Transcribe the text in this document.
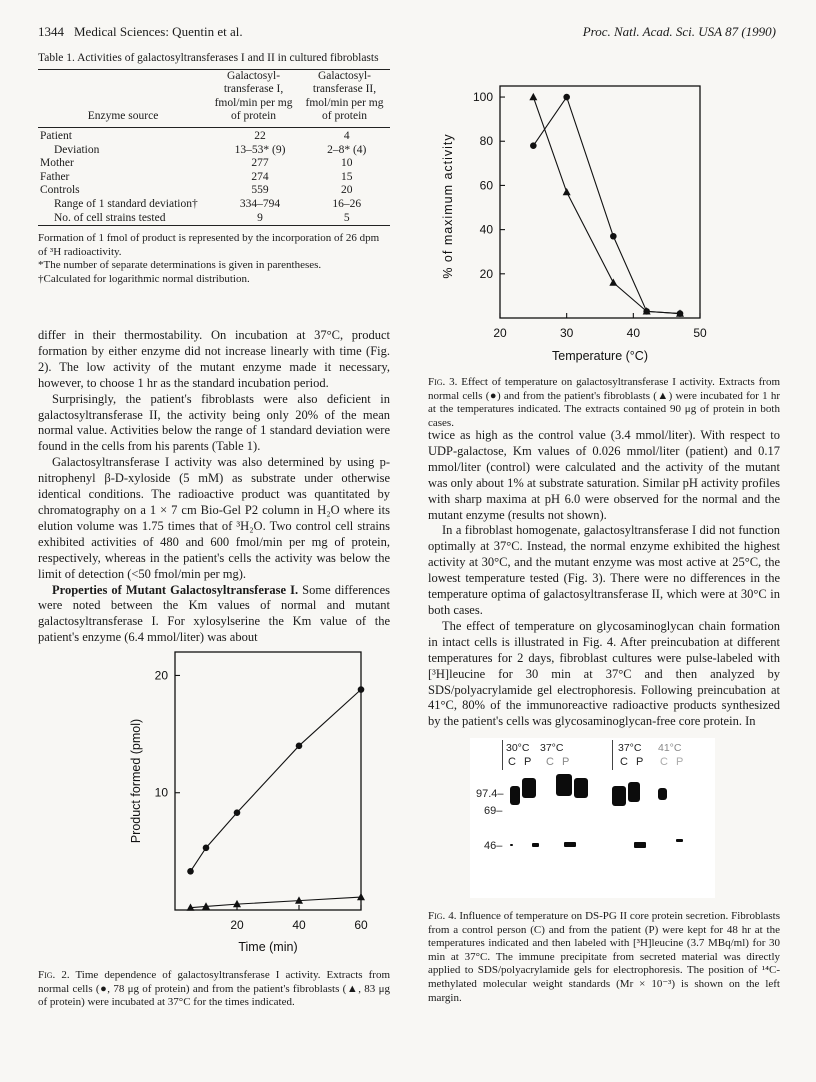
1344 Medical Sciences: Quentin et al.	Proc. Natl. Acad. Sci. USA 87 (1990)
Table 1. Activities of galactosyltransferases I and II in cultured fibroblasts
Enzyme source	Galactosyl-transferase I, fmol/min per mg of protein	Galactosyl-transferase II, fmol/min per mg of protein
Patient	22	4
Deviation	13–53* (9)	2–8* (4)
Mother	277	10
Father	274	15
Controls	559	20
Range of 1 standard deviation†	334–794	16–26
No. of cell strains tested	9	5

Formation of 1 fmol of product is represented by the incorporation of 26 dpm of ³H radioactivity.

*The number of separate determinations is given in parentheses.

†Calculated for logarithmic normal distribution.

differ in their thermostability. On incubation at 37°C, product formation by either enzyme did not increase linearly with time (Fig. 2). The low activity of the mutant enzyme made it necessary, however, to choose 1 hr as the standard incubation period.

Surprisingly, the patient's fibroblasts were also deficient in galactosyltransferase II, the activity being only 20% of the mean normal value. Activities below the range of 1 standard deviation were found in the cells from his parents (Table 1).

Galactosyltransferase I activity was also determined by using p-nitrophenyl β-D-xyloside (5 mM) as substrate under otherwise identical conditions. The radioactive product was quantitated by chromatography on a 1 × 7 cm Bio-Gel P2 column in H₂O where its elution volume was 1.75 times that of ³H₂O. Two control cell strains exhibited activities of 480 and 600 fmol/min per mg of protein, respectively, whereas in the patient's cells the activity was below the limit of detection (<50 fmol/min per mg).

Properties of Mutant Galactosyltransferase I. Some differences were noted between the Km values of normal and mutant galactosyltransferase I. For xylosylserine the Km value of the patient's enzyme (6.4 mmol/liter) was about

Product formed (pmol)
Time (min)
20	40	60
10
20
Fig. 2. Time dependence of galactosyltransferase I activity. Extracts from normal cells (●, 78 μg of protein) and from the patient's fibroblasts (▲, 83 μg of protein) were incubated at 37°C for the times indicated.
% of maximum activity
Temperature (°C)
20	30	40	50
20
40
60
80
100
Fig. 3. Effect of temperature on galactosyltransferase I activity. Extracts from normal cells (●) and from the patient's fibroblasts (▲) were incubated for 1 hr at the temperatures indicated. The extracts contained 90 μg of protein in both cases.

twice as high as the control value (3.4 mmol/liter). With respect to UDP-galactose, Km values of 0.026 mmol/liter (patient) and 0.17 mmol/liter (control) were calculated and the activity of the mutant was only about 1% at substrate saturation. Similar pH activity profiles with sharp maxima at pH 6.0 were observed for the normal and the mutant enzyme (results not shown).

In a fibroblast homogenate, galactosyltransferase I did not function optimally at 37°C. Instead, the normal enzyme exhibited the highest activity at 30°C, and the mutant enzyme was most active at 25°C, the lowest temperature tested (Fig. 3). There were no differences in the temperature optima of galactosyltransferase II, which were at 30°C in both cases.

The effect of temperature on glycosaminoglycan chain formation in intact cells is illustrated in Fig. 4. After preincubation at different temperatures for 2 days, fibroblast cultures were pulse-labeled with [³H]leucine for 30 min at 37°C and then analyzed by SDS/polyacrylamide gel electrophoresis. Following preincubation at 41°C, 80% of the immunoreactive radioactive products synthesized by the patient's cells was glycosaminoglycan-free core protein. In

30°C 37°C	37°C 41°C
C P C P	C P C P
97.4–
69–
46–
Fig. 4. Influence of temperature on DS-PG II core protein secretion. Fibroblasts from a control person (C) and from the patient (P) were kept for 48 hr at the temperatures indicated and then labeled with [³H]leucine (3.7 MBq/ml) for 30 min at 37°C. The immune precipitate from secreted material was directly applied to SDS/polyacrylamide gels for electrophoresis. The position of ¹⁴C-methylated molecular weight standards (Mr × 10⁻³) is shown on the left margin.
